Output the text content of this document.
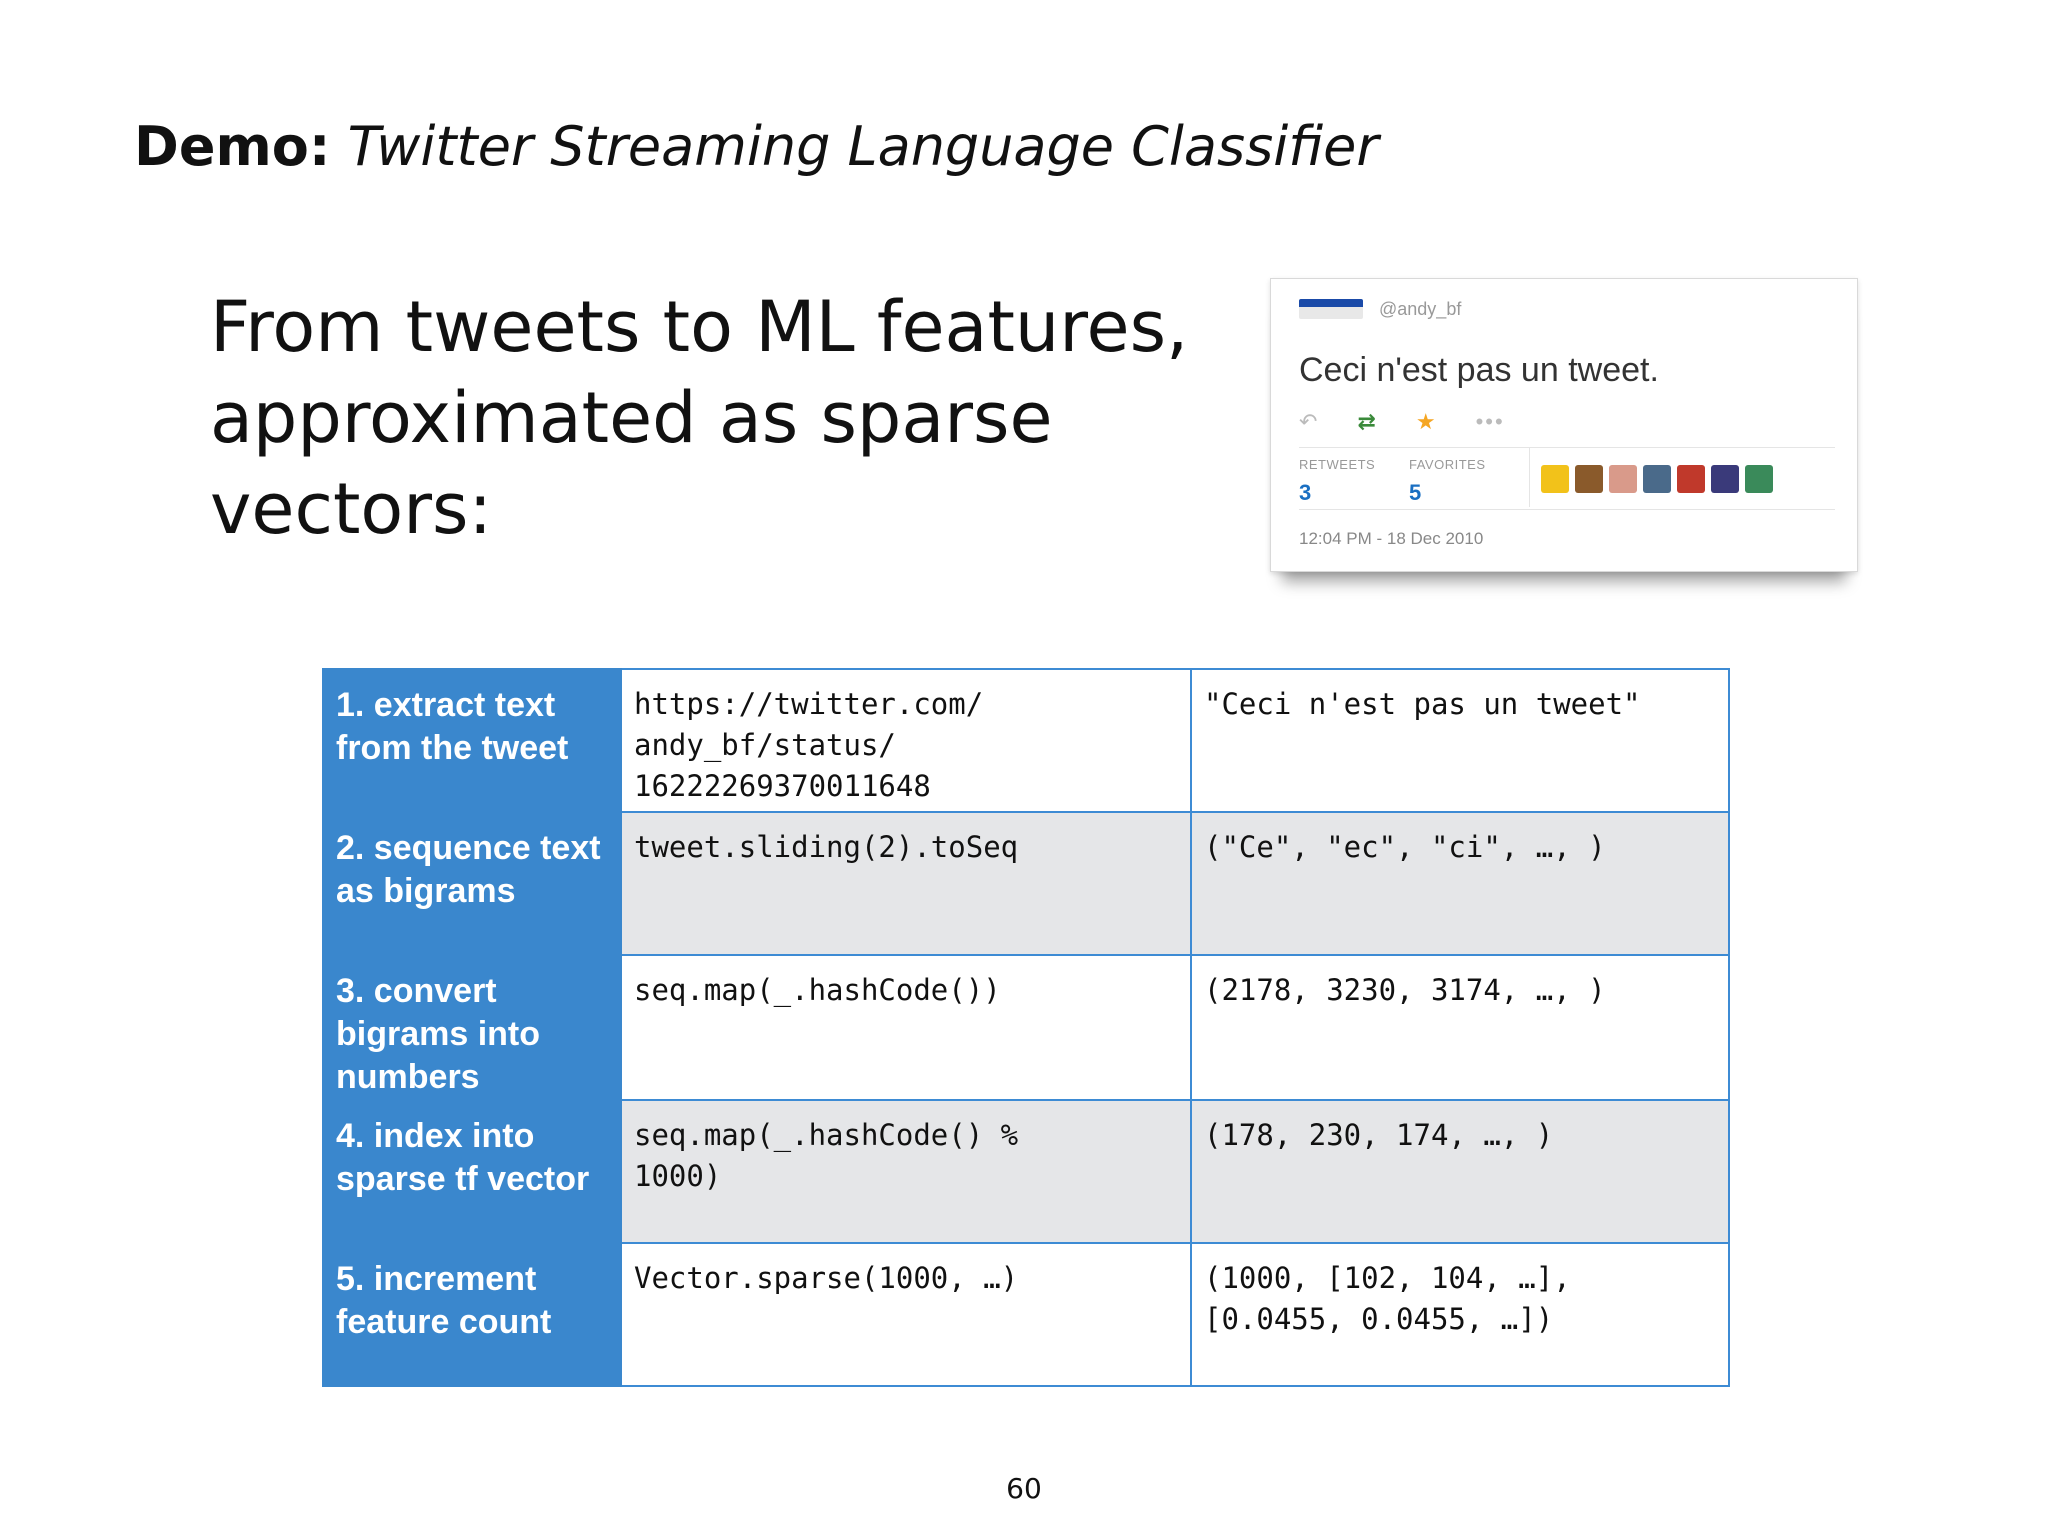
Demo: Twitter Streaming Language Classifier
From tweets to ML features, approximated as sparse vectors:
@andy_bf
Ceci n'est pas un tweet.
↶ ⇄ ★ •••
RETWEETS
3
FAVORITES
5
12:04 PM - 18 Dec 2010
1. extract text from the tweet	https://twitter.com/
andy_bf/status/
16222269370011648	"Ceci n'est pas un tweet"
2. sequence text as bigrams	tweet.sliding(2).toSeq	("Ce", "ec", "ci", …, )
3. convert bigrams into numbers	seq.map(_.hashCode())	(2178, 3230, 3174, …, )
4. index into sparse tf vector	seq.map(_.hashCode() %
1000)	(178, 230, 174, …, )
5. increment feature count	Vector.sparse(1000, …)	(1000, [102, 104, …],
[0.0455, 0.0455, …])
60
